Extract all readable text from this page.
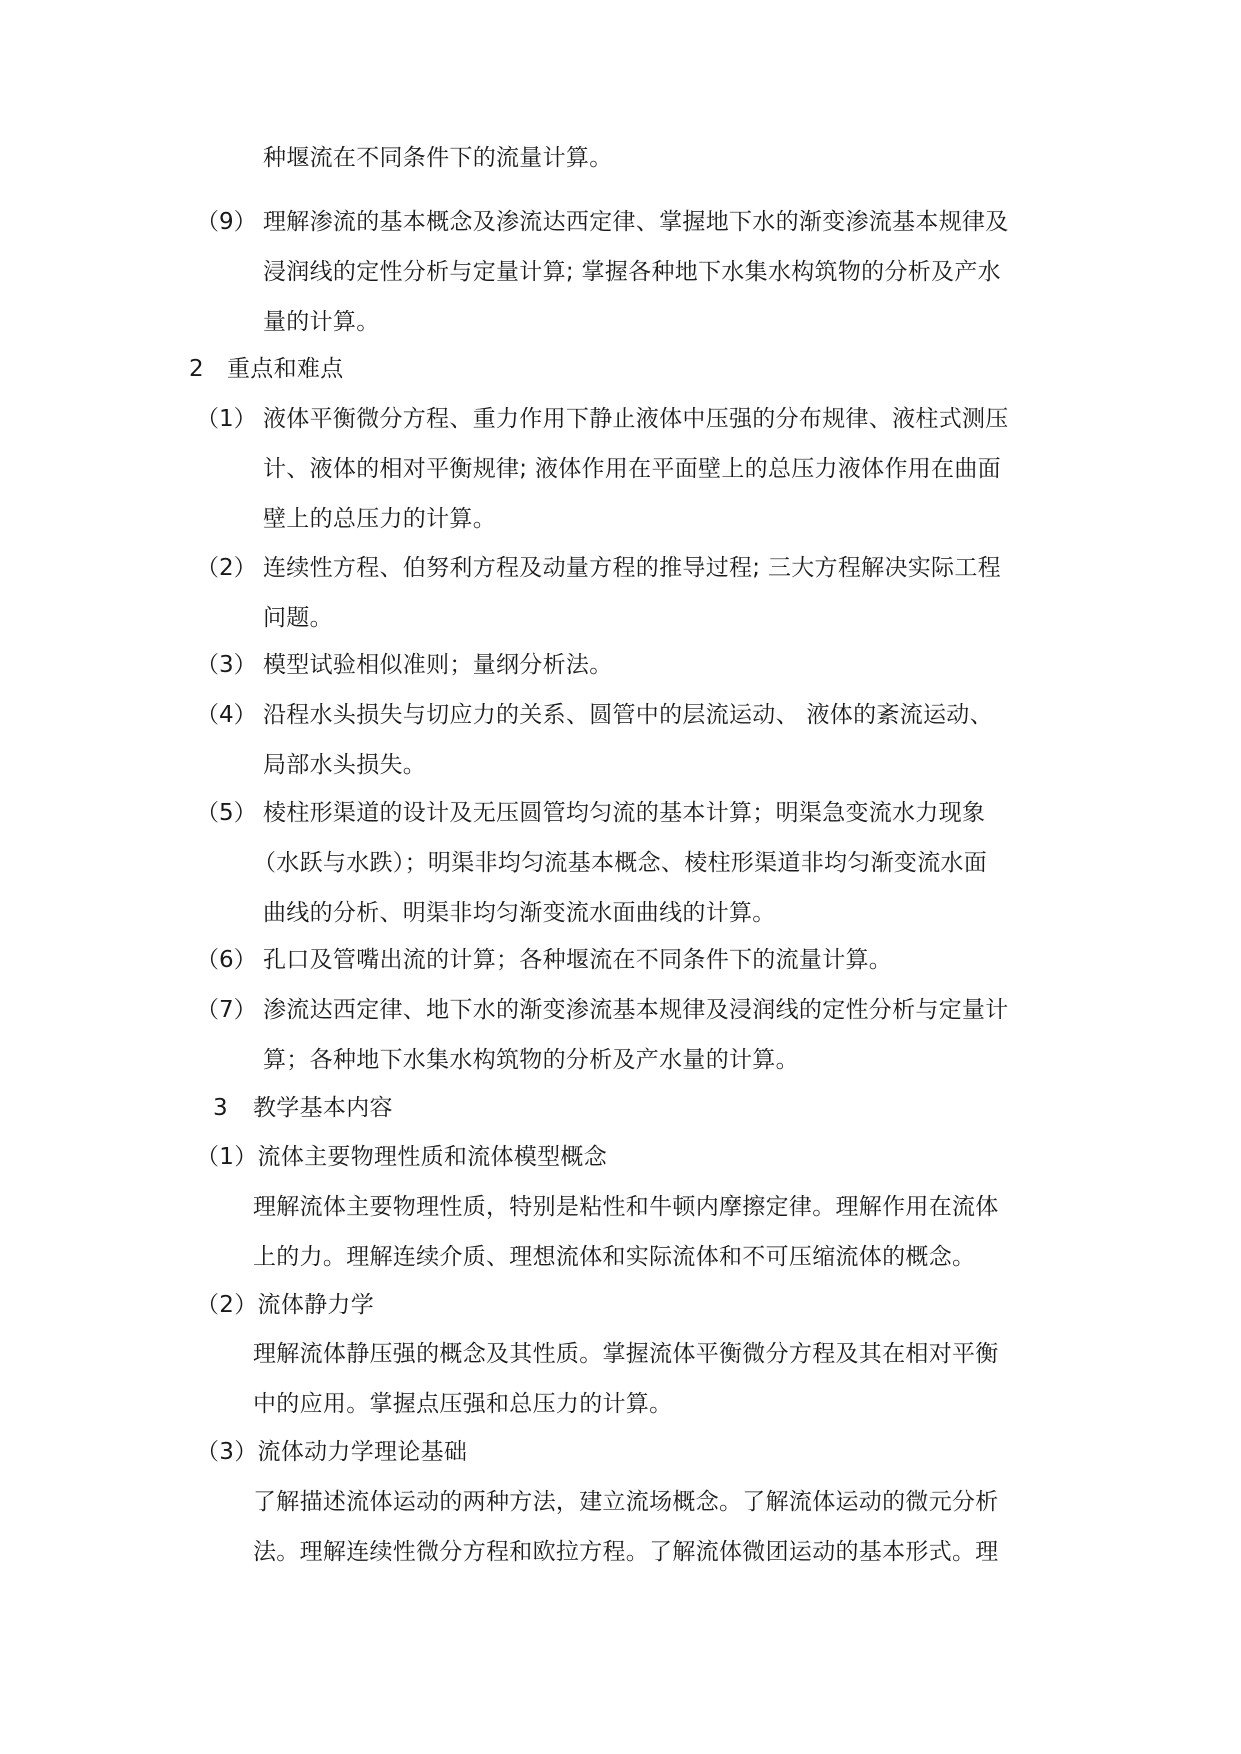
种堰流在不同条件下的流量计算。
（9） 理解渗流的基本概念及渗流达西定律、掌握地下水的渐变渗流基本规律及
浸润线的定性分析与定量计算; 掌握各种地下水集水构筑物的分析及产水
量的计算。
2 重点和难点
（1） 液体平衡微分方程、重力作用下静止液体中压强的分布规律、液柱式测压
计、液体的相对平衡规律; 液体作用在平面壁上的总压力液体作用在曲面
壁上的总压力的计算。
（2） 连续性方程、伯努利方程及动量方程的推导过程; 三大方程解决实际工程
问题。
（3） 模型试验相似准则；量纲分析法。
（4） 沿程水头损失与切应力的关系、圆管中的层流运动、 液体的紊流运动、
局部水头损失。
（5） 棱柱形渠道的设计及无压圆管均匀流的基本计算；明渠急变流水力现象
（水跃与水跌）；明渠非均匀流基本概念、棱柱形渠道非均匀渐变流水面
曲线的分析、明渠非均匀渐变流水面曲线的计算。
（6） 孔口及管嘴出流的计算；各种堰流在不同条件下的流量计算。
（7） 渗流达西定律、地下水的渐变渗流基本规律及浸润线的定性分析与定量计
算；各种地下水集水构筑物的分析及产水量的计算。
3 教学基本内容
（1）流体主要物理性质和流体模型概念
理解流体主要物理性质，特别是粘性和牛顿内摩擦定律。理解作用在流体
上的力。理解连续介质、理想流体和实际流体和不可压缩流体的概念。
（2）流体静力学
理解流体静压强的概念及其性质。掌握流体平衡微分方程及其在相对平衡
中的应用。掌握点压强和总压力的计算。
（3）流体动力学理论基础
了解描述流体运动的两种方法，建立流场概念。了解流体运动的微元分析
法。理解连续性微分方程和欧拉方程。了解流体微团运动的基本形式。理
